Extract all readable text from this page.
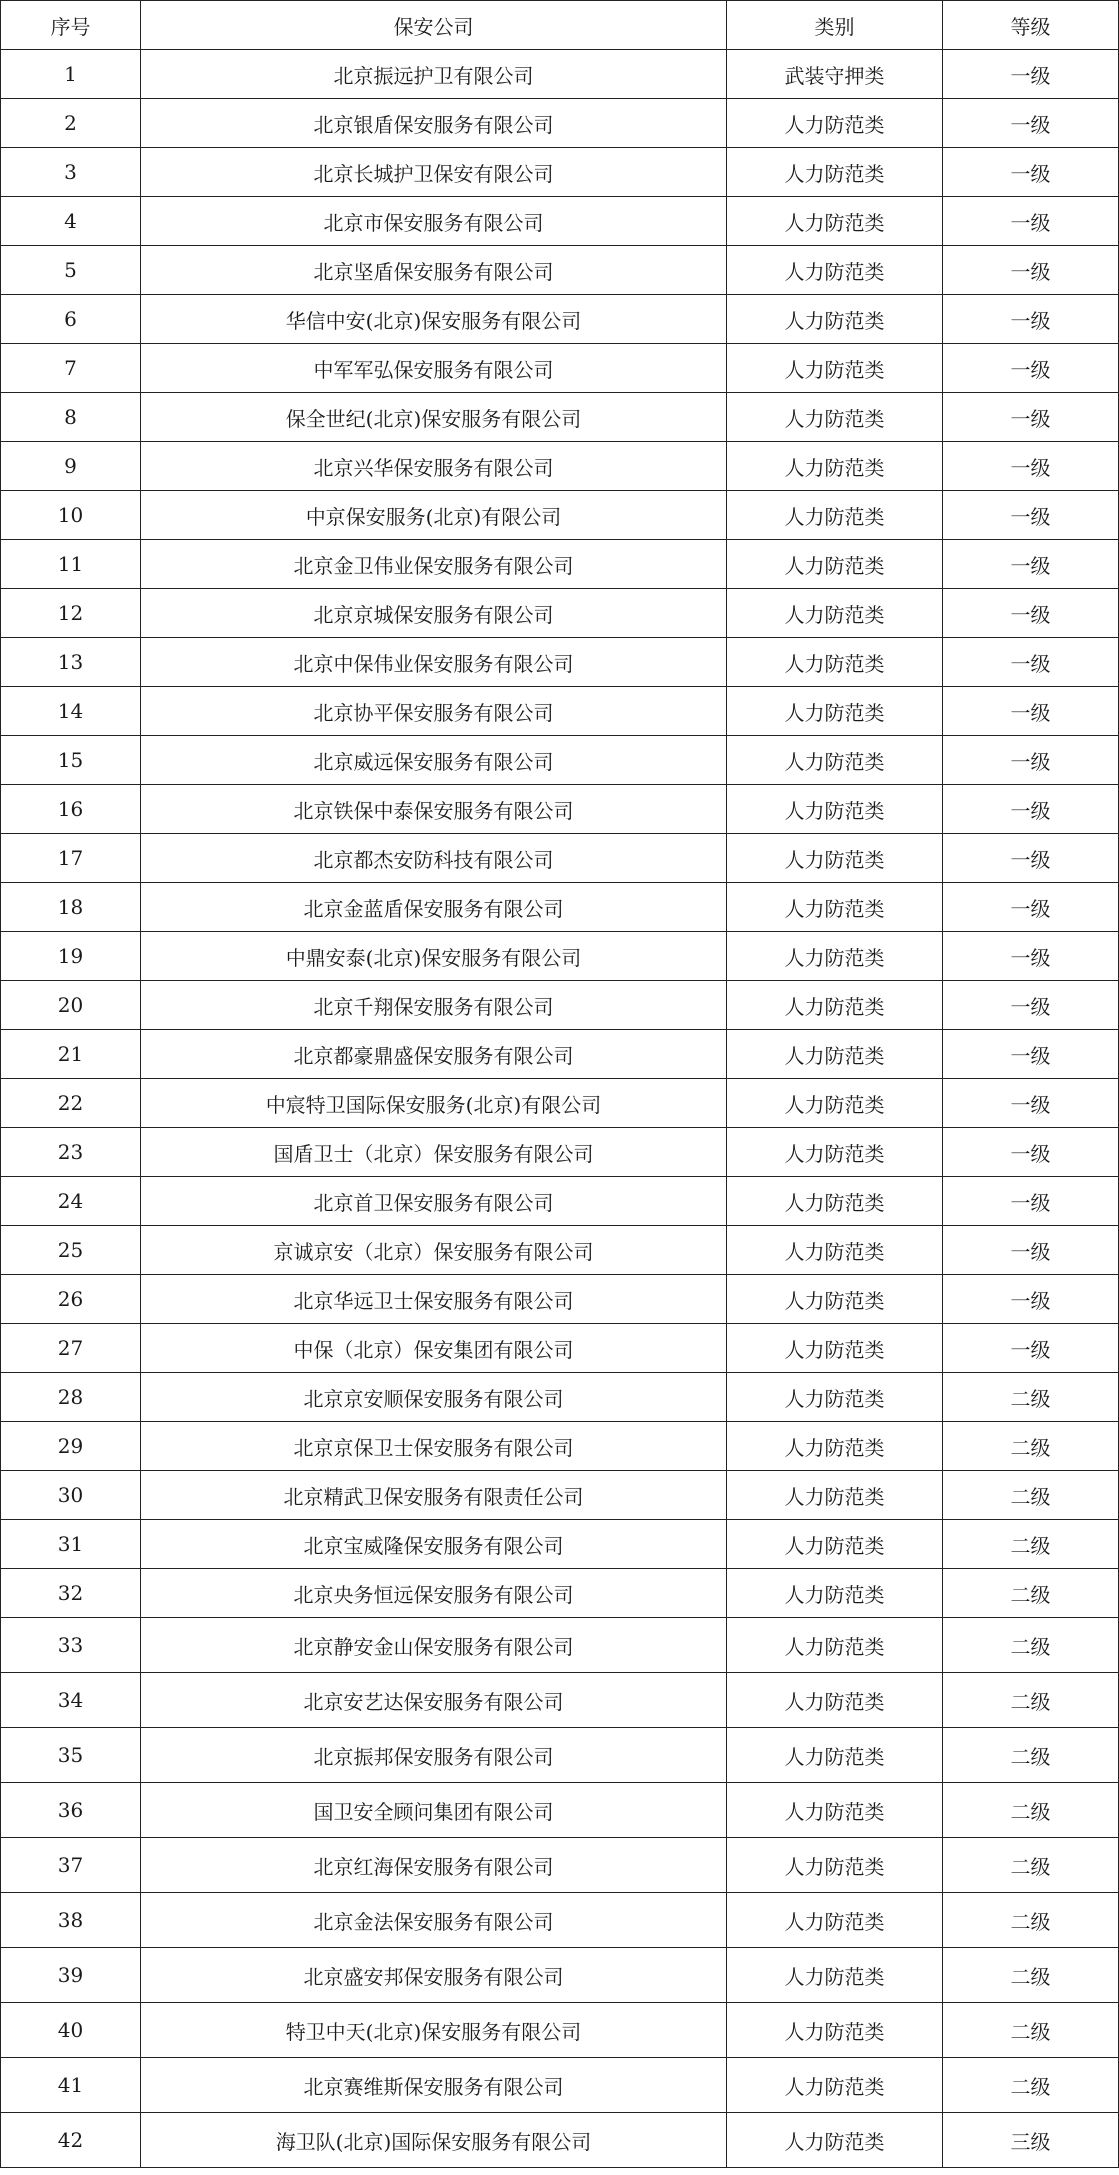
序号	保安公司	类别	等级
1	北京振远护卫有限公司	武装守押类	一级
2	北京银盾保安服务有限公司	人力防范类	一级
3	北京长城护卫保安有限公司	人力防范类	一级
4	北京市保安服务有限公司	人力防范类	一级
5	北京坚盾保安服务有限公司	人力防范类	一级
6	华信中安(北京)保安服务有限公司	人力防范类	一级
7	中军军弘保安服务有限公司	人力防范类	一级
8	保全世纪(北京)保安服务有限公司	人力防范类	一级
9	北京兴华保安服务有限公司	人力防范类	一级
10	中京保安服务(北京)有限公司	人力防范类	一级
11	北京金卫伟业保安服务有限公司	人力防范类	一级
12	北京京城保安服务有限公司	人力防范类	一级
13	北京中保伟业保安服务有限公司	人力防范类	一级
14	北京协平保安服务有限公司	人力防范类	一级
15	北京威远保安服务有限公司	人力防范类	一级
16	北京铁保中泰保安服务有限公司	人力防范类	一级
17	北京都杰安防科技有限公司	人力防范类	一级
18	北京金蓝盾保安服务有限公司	人力防范类	一级
19	中鼎安泰(北京)保安服务有限公司	人力防范类	一级
20	北京千翔保安服务有限公司	人力防范类	一级
21	北京都豪鼎盛保安服务有限公司	人力防范类	一级
22	中宸特卫国际保安服务(北京)有限公司	人力防范类	一级
23	国盾卫士（北京）保安服务有限公司	人力防范类	一级
24	北京首卫保安服务有限公司	人力防范类	一级
25	京诚京安（北京）保安服务有限公司	人力防范类	一级
26	北京华远卫士保安服务有限公司	人力防范类	一级
27	中保（北京）保安集团有限公司	人力防范类	一级
28	北京京安顺保安服务有限公司	人力防范类	二级
29	北京京保卫士保安服务有限公司	人力防范类	二级
30	北京精武卫保安服务有限责任公司	人力防范类	二级
31	北京宝威隆保安服务有限公司	人力防范类	二级
32	北京央务恒远保安服务有限公司	人力防范类	二级
33	北京静安金山保安服务有限公司	人力防范类	二级
34	北京安艺达保安服务有限公司	人力防范类	二级
35	北京振邦保安服务有限公司	人力防范类	二级
36	国卫安全顾问集团有限公司	人力防范类	二级
37	北京红海保安服务有限公司	人力防范类	二级
38	北京金法保安服务有限公司	人力防范类	二级
39	北京盛安邦保安服务有限公司	人力防范类	二级
40	特卫中天(北京)保安服务有限公司	人力防范类	二级
41	北京赛维斯保安服务有限公司	人力防范类	二级
42	海卫队(北京)国际保安服务有限公司	人力防范类	三级
